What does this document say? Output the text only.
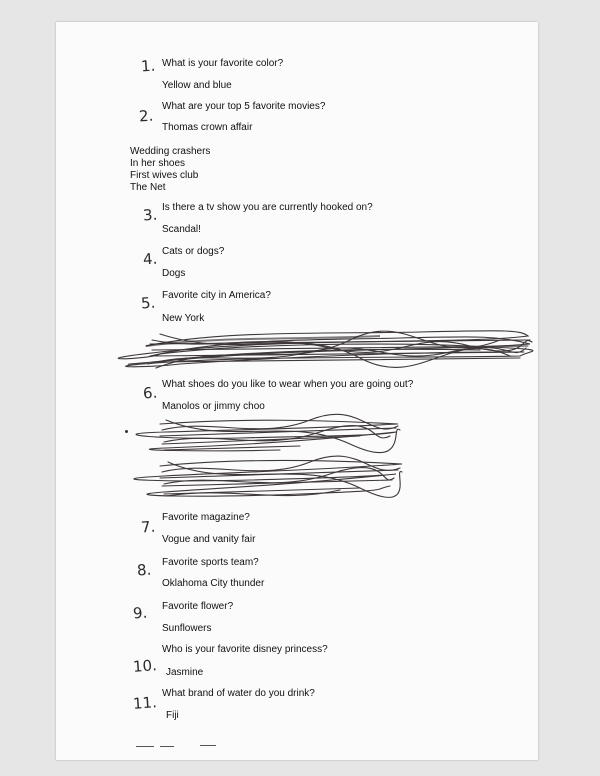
1. What is your favorite color?

Yellow and blue

2.

What are your top 5 favorite movies?

Thomas crown affair

Wedding crashers

In her shoes

First wives club

The Net

3. Is there a tv show you are currently hooked on?

Scandal!

4. Cats or dogs?

Dogs

5. Favorite city in America?

New York

6. What shoes do you like to wear when you are going out?

Manolos or jimmy choo

7.

Favorite magazine?

Vogue and vanity fair

8. Favorite sports team?

Oklahoma City thunder

9. Favorite flower?

Sunflowers

10.

Who is your favorite disney princess?

Jasmine

11. What brand of water do you drink?

Fiji
